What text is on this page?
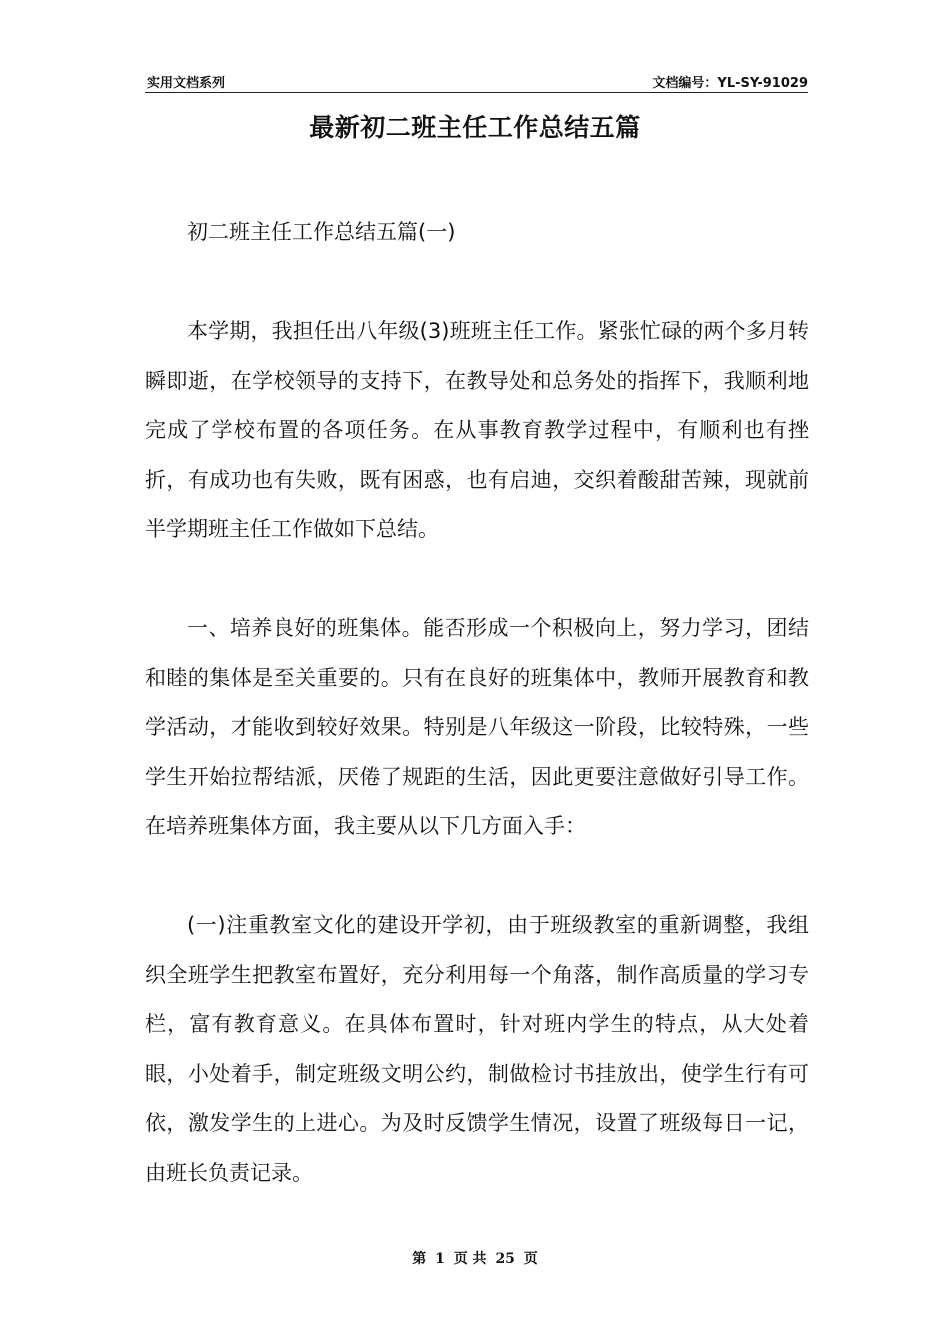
实用文档系列	文档编号：YL-SY-91029
最新初二班主任工作总结五篇

初二班主任工作总结五篇(一)

本学期，我担任出八年级(3)班班主任工作。紧张忙碌的两个多月转瞬即逝，在学校领导的支持下，在教导处和总务处的指挥下，我顺利地完成了学校布置的各项任务。在从事教育教学过程中，有顺利也有挫折，有成功也有失败，既有困惑，也有启迪，交织着酸甜苦辣，现就前半学期班主任工作做如下总结。

一、培养良好的班集体。能否形成一个积极向上，努力学习，团结和睦的集体是至关重要的。只有在良好的班集体中，教师开展教育和教学活动，才能收到较好效果。特别是八年级这一阶段，比较特殊，一些学生开始拉帮结派，厌倦了规距的生活，因此更要注意做好引导工作。在培养班集体方面，我主要从以下几方面入手：

(一)注重教室文化的建设开学初，由于班级教室的重新调整，我组织全班学生把教室布置好，充分利用每一个角落，制作高质量的学习专栏，富有教育意义。在具体布置时，针对班内学生的特点，从大处着眼，小处着手，制定班级文明公约，制做检讨书挂放出，使学生行有可依，激发学生的上进心。为及时反馈学生情况，设置了班级每日一记，由班长负责记录。

第 1 页 共 25 页
